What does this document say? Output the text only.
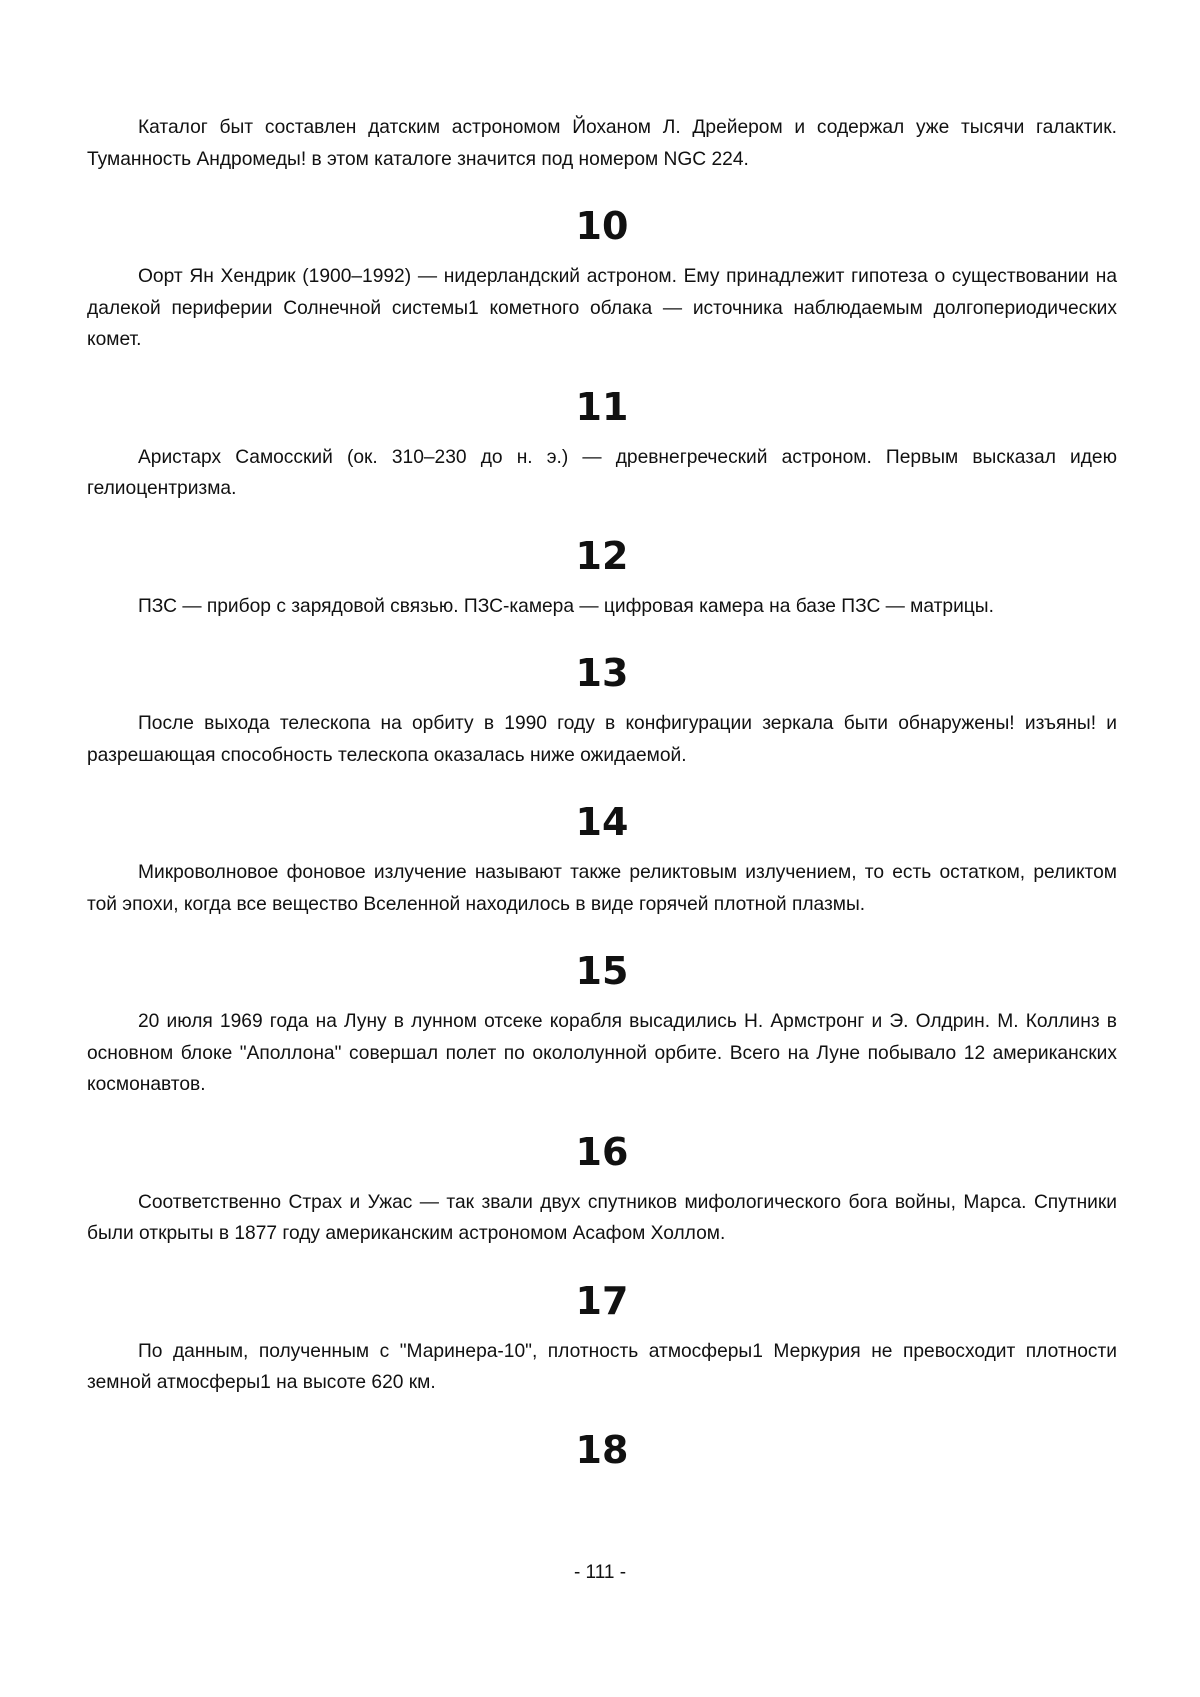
Каталог быт составлен датским астрономом Йоханом Л. Дрейером и содержал уже тысячи галактик. Туманность Андромеды! в этом каталоге значится под номером NGC 224.

10

Оорт Ян Хендрик (1900–1992) — нидерландский астроном. Ему принадлежит гипотеза о существовании на далекой периферии Солнечной системы1 кометного облака — источника наблюдаемым долгопериодических комет.

11

Аристарх Самосский (ок. 310–230 до н. э.) — древнегреческий астроном. Первым высказал идею гелиоцентризма.

12

ПЗС — прибор с зарядовой связью. ПЗС-камера — цифровая камера на базе ПЗС — матрицы.

13

После выхода телескопа на орбиту в 1990 году в конфигурации зеркала быти обнаружены! изъяны! и разрешающая способность телескопа оказалась ниже ожидаемой.

14

Микроволновое фоновое излучение называют также реликтовым излучением, то есть остатком, реликтом той эпохи, когда все вещество Вселенной находилось в виде горячей плотной плазмы.

15

20 июля 1969 года на Луну в лунном отсеке корабля высадились Н. Армстронг и Э. Олдрин. М. Коллинз в основном блоке "Аполлона" совершал полет по окололунной орбите. Всего на Луне побывало 12 американских космонавтов.

16

Соответственно Страх и Ужас — так звали двух спутников мифологического бога войны, Марса. Спутники были открыты в 1877 году американским астрономом Асафом Холлом.

17

По данным, полученным с "Маринера-10", плотность атмосферы1 Меркурия не превосходит плотности земной атмосферы1 на высоте 620 км.

18
- 111 -
